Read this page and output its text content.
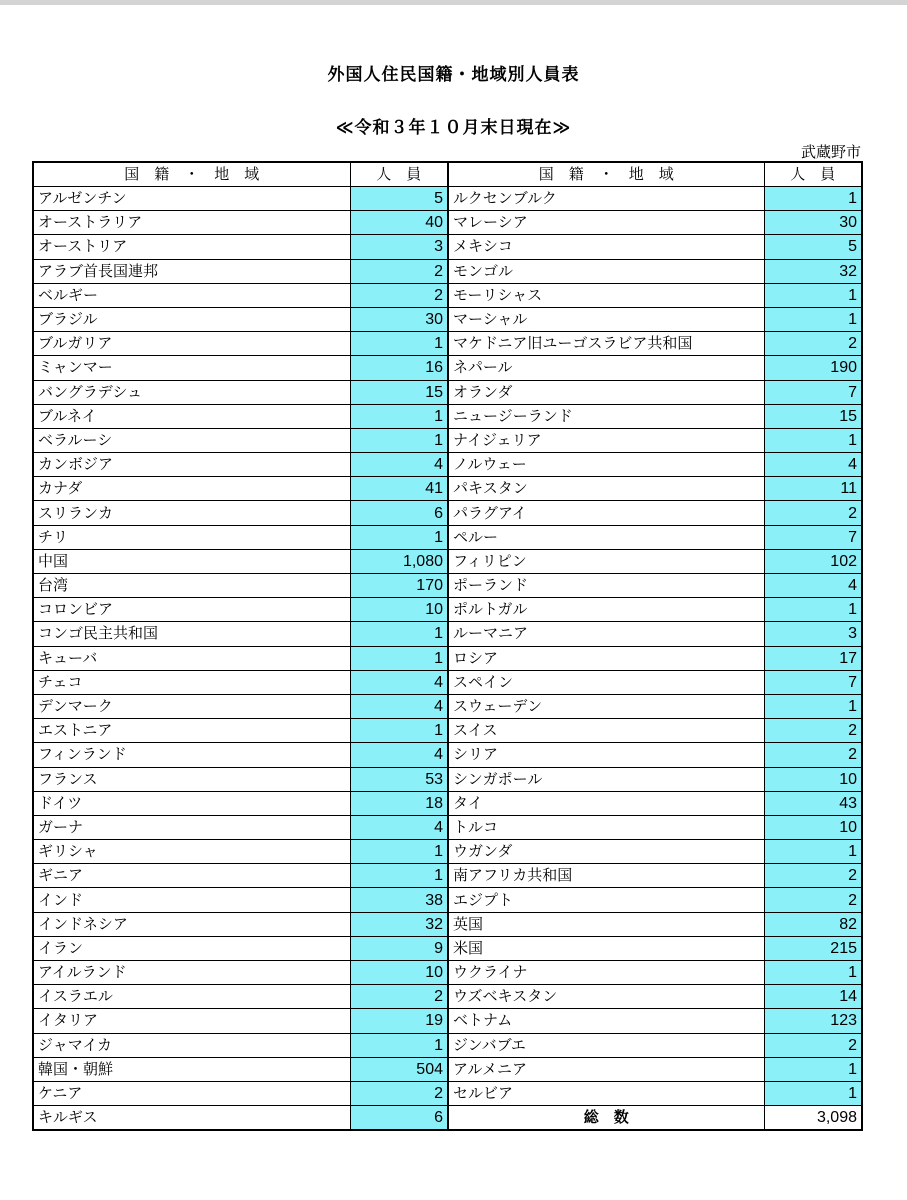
外国人住民国籍・地域別人員表
≪令和３年１０月末日現在≫
武蔵野市
国　籍　・　地　域	人　員	国　籍　・　地　域	人　員
アルゼンチン	5	ルクセンブルク	1
オーストラリア	40	マレーシア	30
オーストリア	3	メキシコ	5
アラブ首長国連邦	2	モンゴル	32
ベルギー	2	モーリシャス	1
ブラジル	30	マーシャル	1
ブルガリア	1	マケドニア旧ユーゴスラビア共和国	2
ミャンマー	16	ネパール	190
バングラデシュ	15	オランダ	7
ブルネイ	1	ニュージーランド	15
ベラルーシ	1	ナイジェリア	1
カンボジア	4	ノルウェー	4
カナダ	41	パキスタン	11
スリランカ	6	パラグアイ	2
チリ	1	ペルー	7
中国	1,080	フィリピン	102
台湾	170	ポーランド	4
コロンビア	10	ポルトガル	1
コンゴ民主共和国	1	ルーマニア	3
キューバ	1	ロシア	17
チェコ	4	スペイン	7
デンマーク	4	スウェーデン	1
エストニア	1	スイス	2
フィンランド	4	シリア	2
フランス	53	シンガポール	10
ドイツ	18	タイ	43
ガーナ	4	トルコ	10
ギリシャ	1	ウガンダ	1
ギニア	1	南アフリカ共和国	2
インド	38	エジプト	2
インドネシア	32	英国	82
イラン	9	米国	215
アイルランド	10	ウクライナ	1
イスラエル	2	ウズベキスタン	14
イタリア	19	ベトナム	123
ジャマイカ	1	ジンバブエ	2
韓国・朝鮮	504	アルメニア	1
ケニア	2	セルビア	1
キルギス	6	総　数	3,098
